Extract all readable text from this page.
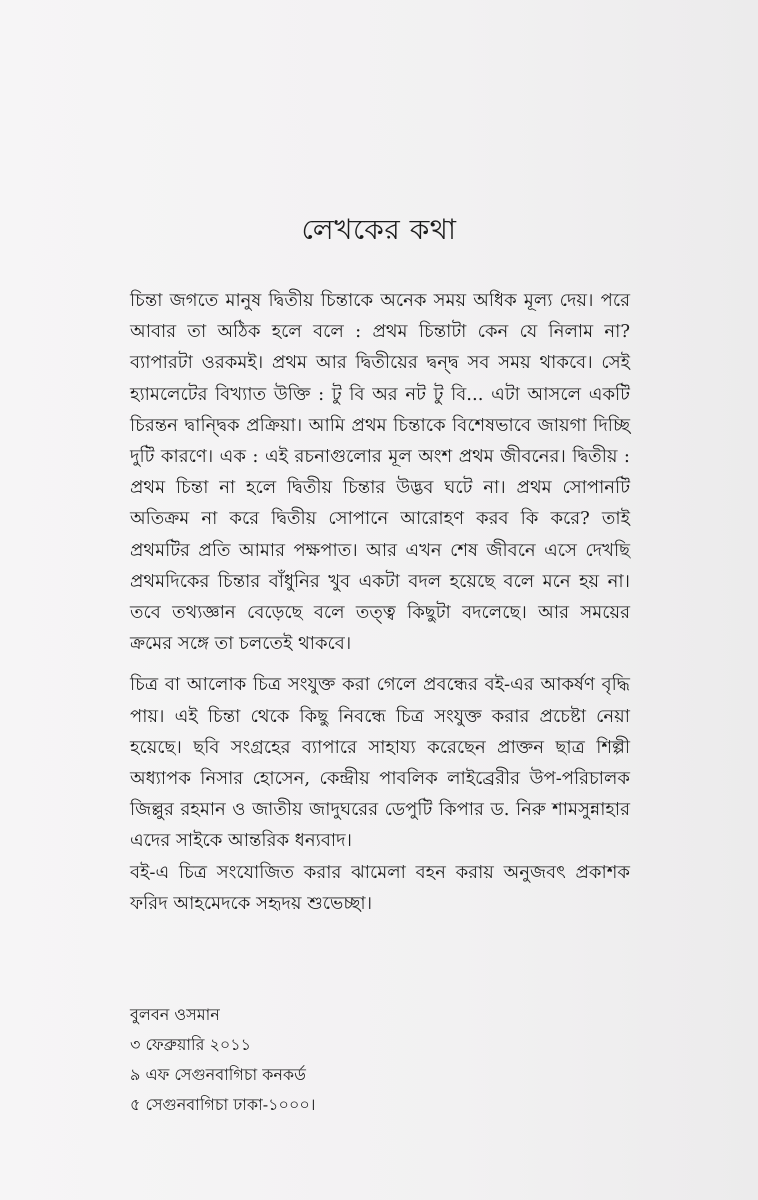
লেখকের কথা

চিন্তা জগতে মানুষ দ্বিতীয় চিন্তাকে অনেক সময় অধিক মূল্য দেয়। পরে আবার তা অঠিক হলে বলে : প্রথম চিন্তাটা কেন যে নিলাম না? ব্যাপারটা ওরকমই। প্রথম আর দ্বিতীয়ের দ্বন্দ্ব সব সময় থাকবে। সেই হ্যামলেটের বিখ্যাত উক্তি : টু বি অর নট টু বি... এটা আসলে একটি চিরন্তন দ্বান্দ্বিক প্রক্রিয়া। আমি প্রথম চিন্তাকে বিশেষভাবে জায়গা দিচ্ছি দুটি কারণে। এক : এই রচনাগুলোর মূল অংশ প্রথম জীবনের। দ্বিতীয় : প্রথম চিন্তা না হলে দ্বিতীয় চিন্তার উদ্ভব ঘটে না। প্রথম সোপানটি অতিক্রম না করে দ্বিতীয় সোপানে আরোহণ করব কি করে? তাই প্রথমটির প্রতি আমার পক্ষপাত। আর এখন শেষ জীবনে এসে দেখছি প্রথমদিকের চিন্তার বাঁধুনির খুব একটা বদল হয়েছে বলে মনে হয় না। তবে তথ্যজ্ঞান বেড়েছে বলে তত্ত্ব কিছুটা বদলেছে। আর সময়ের ক্রমের সঙ্গে তা চলতেই থাকবে।

চিত্র বা আলোক চিত্র সংযুক্ত করা গেলে প্রবন্ধের বই-এর আকর্ষণ বৃদ্ধি পায়। এই চিন্তা থেকে কিছু নিবন্ধে চিত্র সংযুক্ত করার প্রচেষ্টা নেয়া হয়েছে। ছবি সংগ্রহের ব্যাপারে সাহায্য করেছেন প্রাক্তন ছাত্র শিল্পী অধ্যাপক নিসার হোসেন, কেন্দ্রীয় পাবলিক লাইব্রেরীর উপ-পরিচালক জিল্লুর রহমান ও জাতীয় জাদুঘরের ডেপুটি কিপার ড. নিরু শামসুন্নাহার এদের সাইকে আন্তরিক ধন্যবাদ।

বই-এ চিত্র সংযোজিত করার ঝামেলা বহন করায় অনুজবৎ প্রকাশক ফরিদ আহমেদকে সহৃদয় শুভেচ্ছা।

বুলবন ওসমান
৩ ফেব্রুয়ারি ২০১১
৯ এফ সেগুনবাগিচা কনকর্ড
৫ সেগুনবাগিচা ঢাকা-১০০০।
